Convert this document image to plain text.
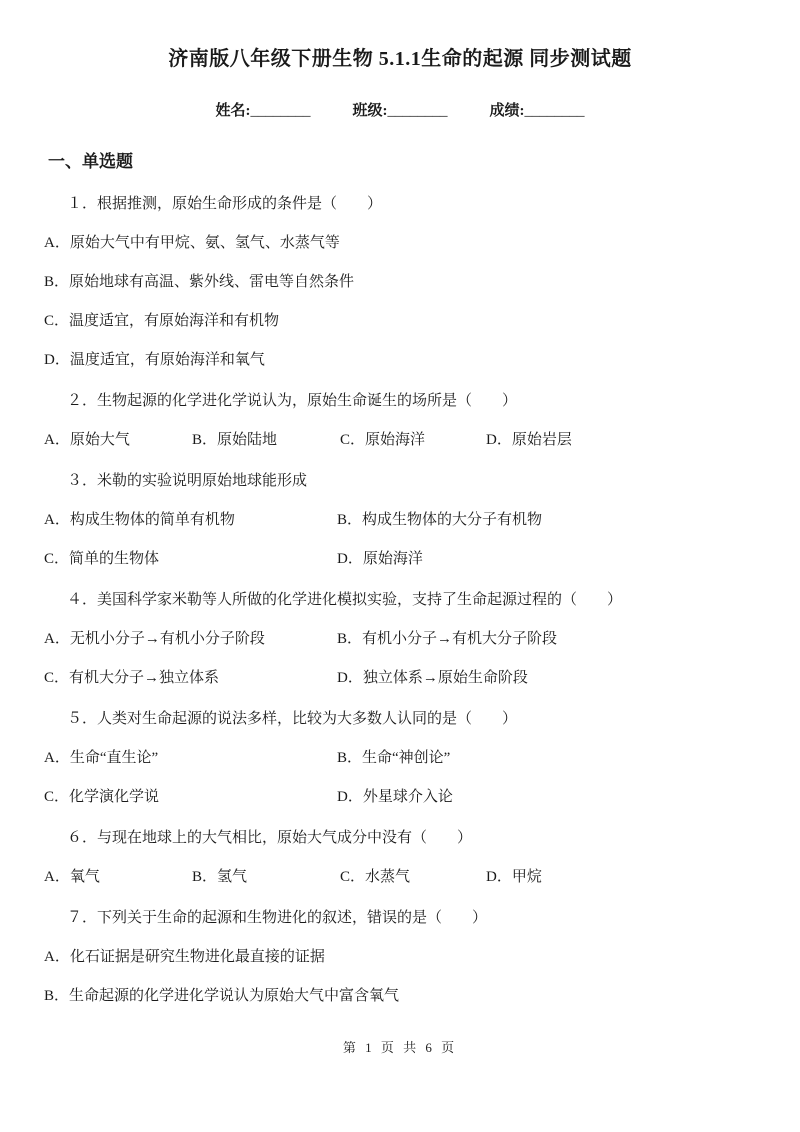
济南版八年级下册生物 5.1.1生命的起源 同步测试题
姓名:________	班级:________	成绩:________
一、单选题

１．根据推测，原始生命形成的条件是（　　）

A．原始大气中有甲烷、氨、氢气、水蒸气等

B．原始地球有高温、紫外线、雷电等自然条件

C．温度适宜，有原始海洋和有机物

D．温度适宜，有原始海洋和氧气

２．生物起源的化学进化学说认为，原始生命诞生的场所是（　　）

A．原始大气	B．原始陆地	C．原始海洋	D．原始岩层

３．米勒的实验说明原始地球能形成

A．构成生物体的简单有机物	B．构成生物体的大分子有机物
C．简单的生物体	D．原始海洋

４．美国科学家米勒等人所做的化学进化模拟实验，支持了生命起源过程的（　　）

A．无机小分子→有机小分子阶段	B．有机小分子→有机大分子阶段
C．有机大分子→独立体系	D．独立体系→原始生命阶段

５．人类对生命起源的说法多样，比较为大多数人认同的是（　　）

A．生命“直生论”	B．生命“神创论”
C．化学演化学说	D．外星球介入论

６．与现在地球上的大气相比，原始大气成分中没有（　　）

A．氧气	B．氢气	C．水蒸气	D．甲烷

７．下列关于生命的起源和生物进化的叙述，错误的是（　　）

A．化石证据是研究生物进化最直接的证据

B．生命起源的化学进化学说认为原始大气中富含氧气

第 1 页 共 6 页
